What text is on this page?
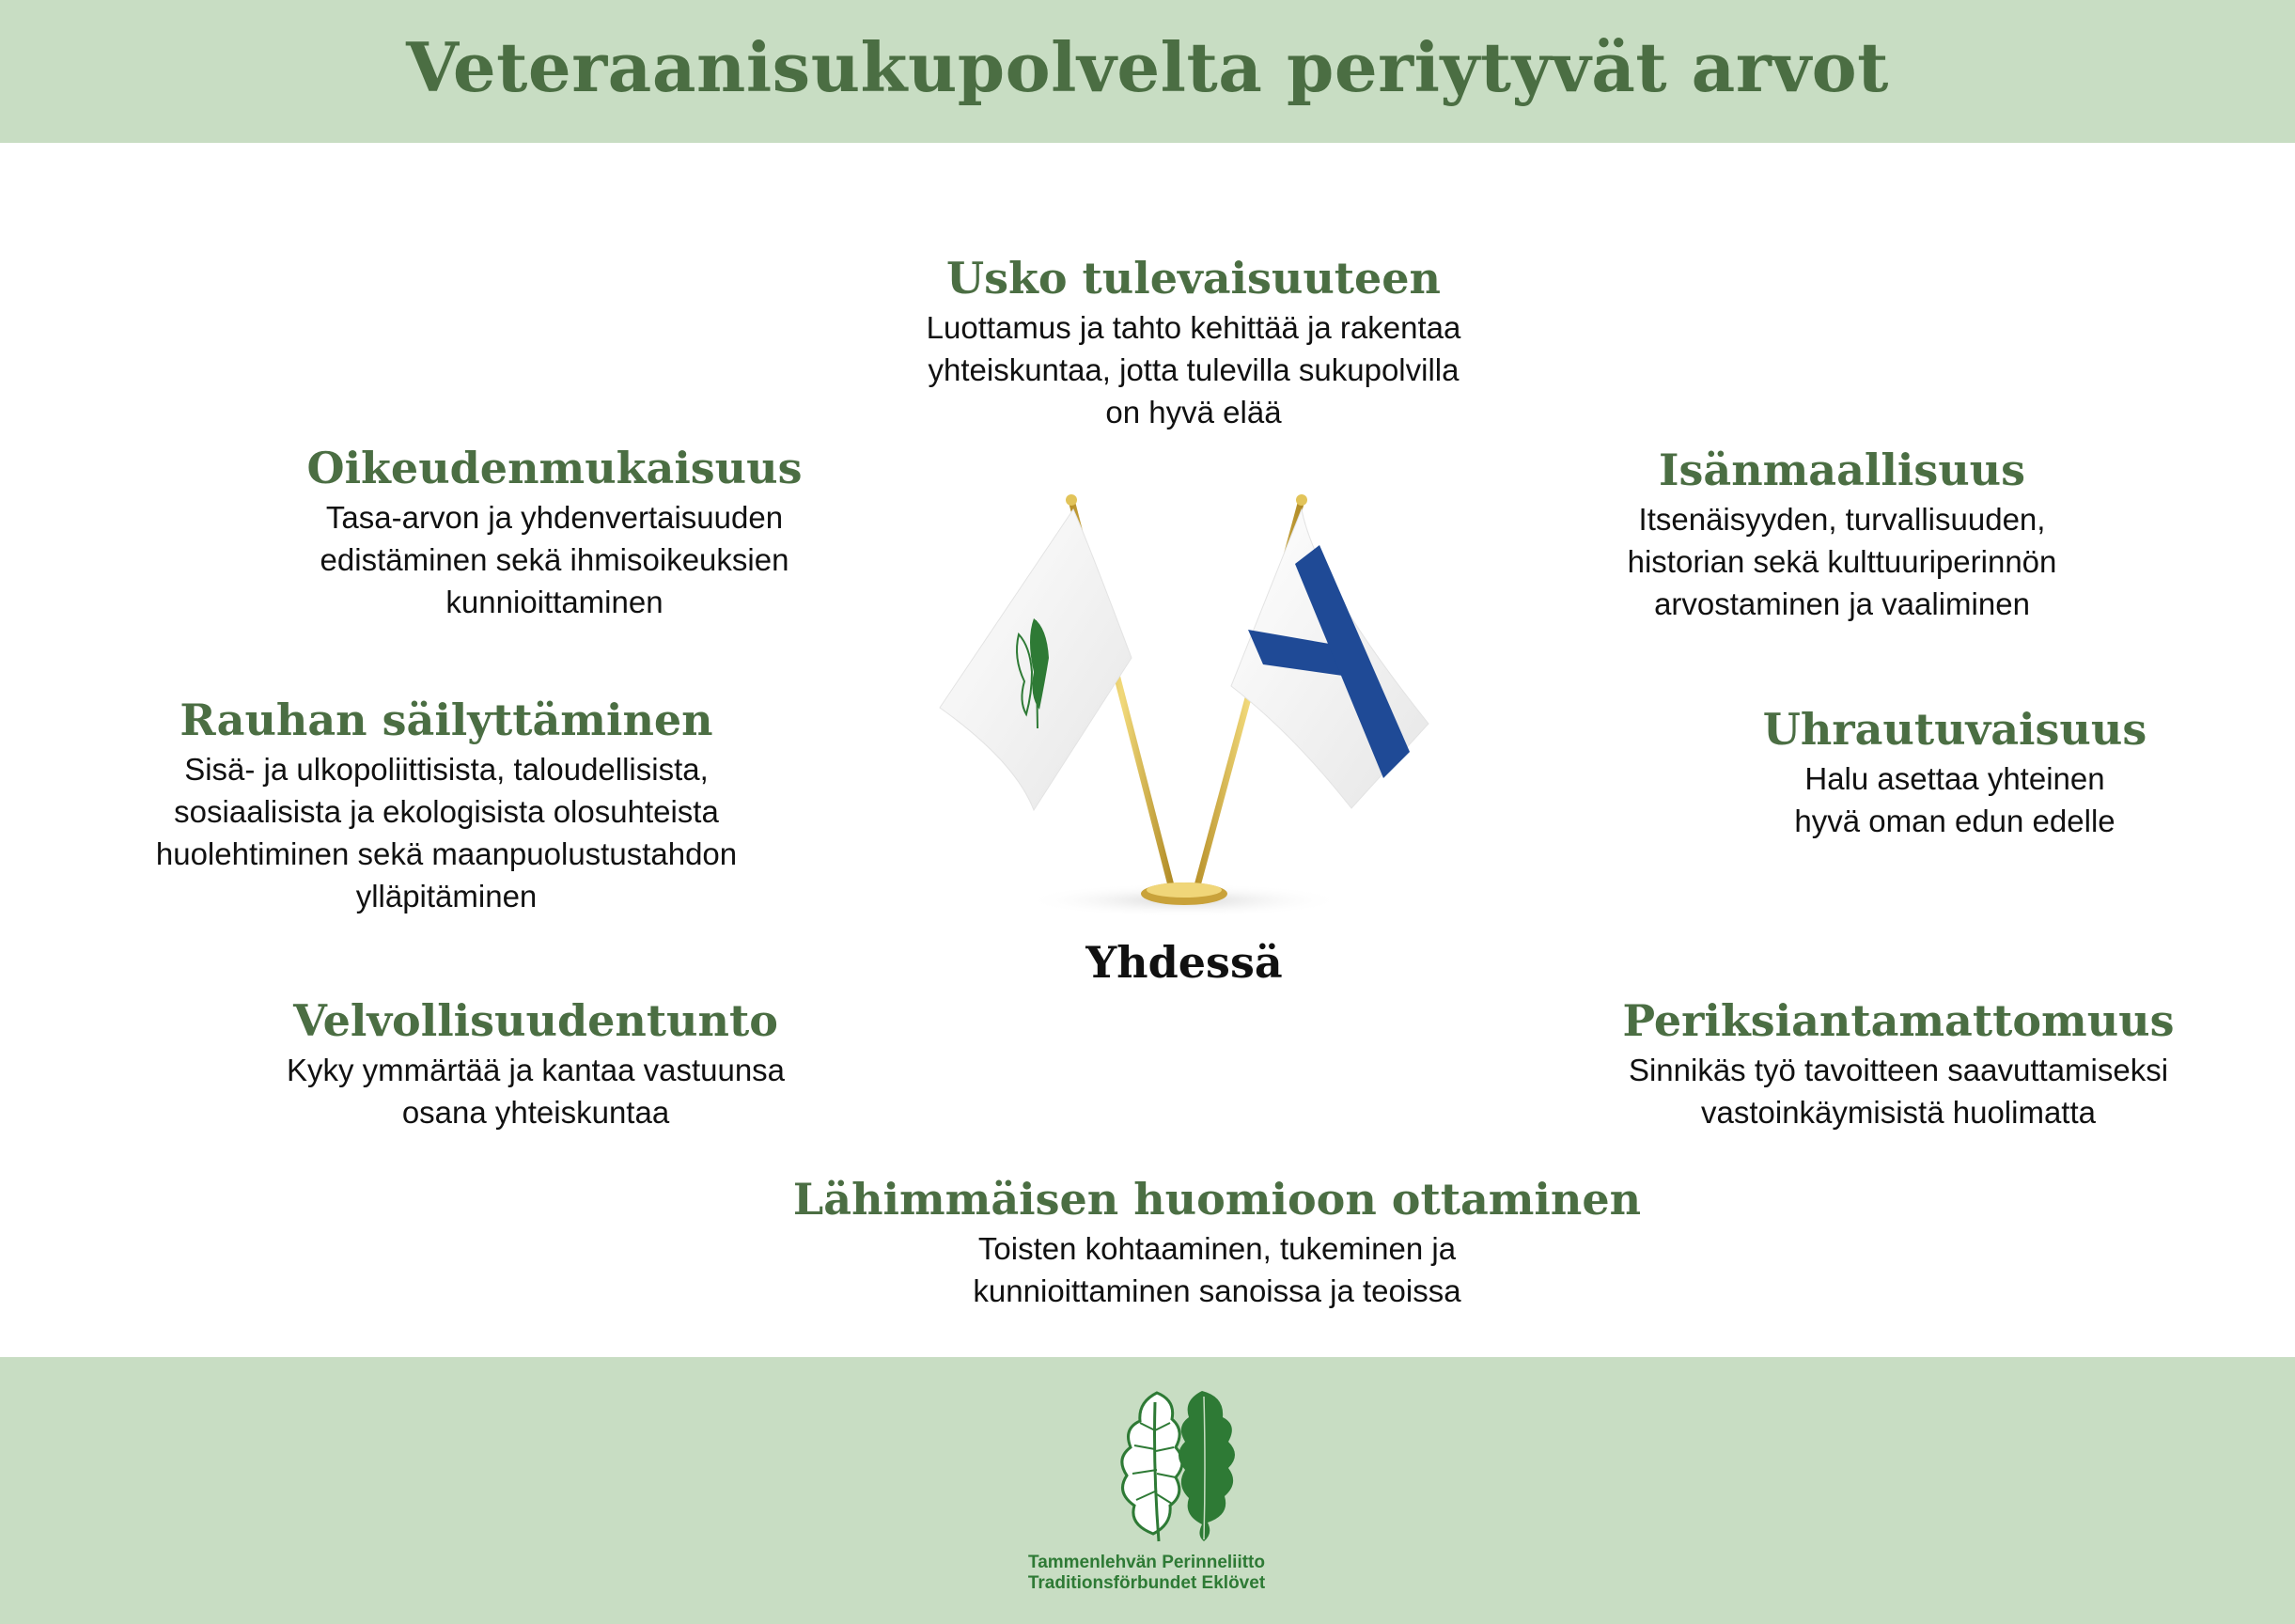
Veteraanisukupolvelta periytyvät arvot
Usko tulevaisuuteen

Luottamus ja tahto kehittää ja rakentaa
yhteiskuntaa, jotta tulevilla sukupolvilla
on hyvä elää

Oikeudenmukaisuus

Tasa-arvon ja yhdenvertaisuuden
edistäminen sekä ihmisoikeuksien
kunnioittaminen

Isänmaallisuus

Itsenäisyyden, turvallisuuden,
historian sekä kulttuuriperinnön
arvostaminen ja vaaliminen

Rauhan säilyttäminen

Sisä- ja ulkopoliittisista, taloudellisista,
sosiaalisista ja ekologisista olosuhteista
huolehtiminen sekä maanpuolustustahdon
ylläpitäminen

Uhrautuvaisuus

Halu asettaa yhteinen
hyvä oman edun edelle

Velvollisuudentunto

Kyky ymmärtää ja kantaa vastuunsa
osana yhteiskuntaa

Periksiantamattomuus

Sinnikäs työ tavoitteen saavuttamiseksi
vastoinkäymisistä huolimatta

Lähimmäisen huomioon ottaminen

Toisten kohtaaminen, tukeminen ja
kunnioittaminen sanoissa ja teoissa

Yhdessä
Tammenlehvän Perinneliitto
Traditionsförbundet Eklövet
